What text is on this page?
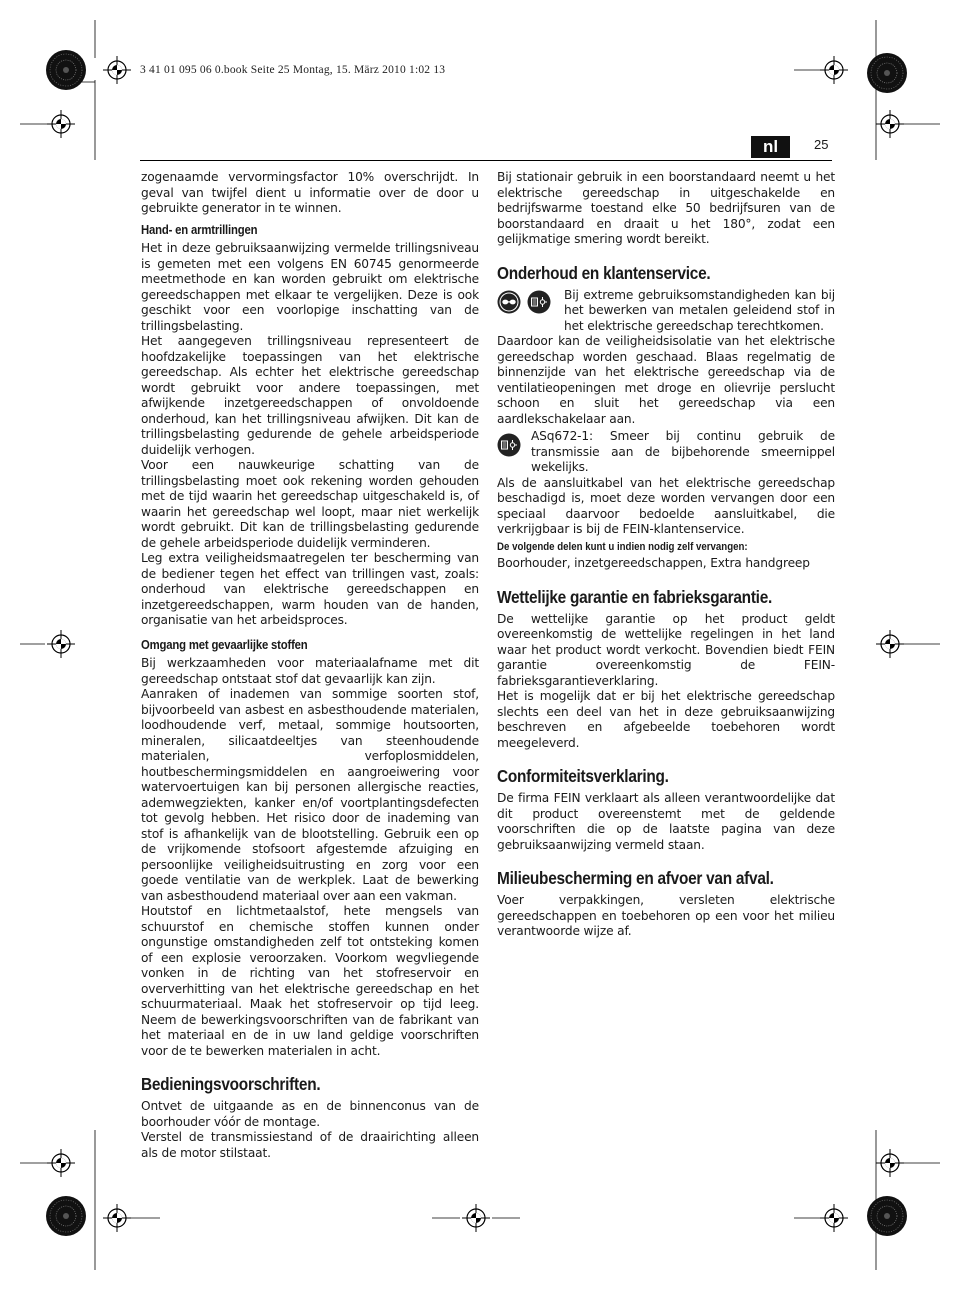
3 41 01 095 06 0.book Seite 25 Montag, 15. März 2010 1:02 13
nl	25

zogenaamde vervormingsfactor 10% overschrijdt. In geval van twijfel dient u informatie over de door u gebruikte generator in te winnen.

Hand- en armtrillingen

Het in deze gebruiksaanwijzing vermelde trillingsniveau is gemeten met een volgens EN 60745 genormeerde meetmethode en kan worden gebruikt om elektrische gereedschappen met elkaar te vergelijken. Deze is ook geschikt voor een voorlopige inschatting van de trillingsbelasting.

Het aangegeven trillingsniveau representeert de hoofdzakelijke toepassingen van het elektrische gereedschap. Als echter het elektrische gereedschap wordt gebruikt voor andere toepassingen, met afwijkende inzetgereedschappen of onvoldoende onderhoud, kan het trillingsniveau afwijken. Dit kan de trillingsbelasting gedurende de gehele arbeidsperiode duidelijk verhogen.

Voor een nauwkeurige schatting van de trillingsbelasting moet ook rekening worden gehouden met de tijd waarin het gereedschap uitgeschakeld is, of waarin het gereedschap wel loopt, maar niet werkelijk wordt gebruikt. Dit kan de trillingsbelasting gedurende de gehele arbeidsperiode duidelijk verminderen.

Leg extra veiligheidsmaatregelen ter bescherming van de bediener tegen het effect van trillingen vast, zoals: onderhoud van elektrische gereedschappen en inzetgereedschappen, warm houden van de handen, organisatie van het arbeidsproces.

Omgang met gevaarlijke stoffen

Bij werkzaamheden voor materiaalafname met dit gereedschap ontstaat stof dat gevaarlijk kan zijn.

Aanraken of inademen van sommige soorten stof, bijvoorbeeld van asbest en asbesthoudende materialen, loodhoudende verf, metaal, sommige houtsoorten, mineralen, silicaatdeeltjes van steenhoudende materialen, verfoplosmiddelen, houtbeschermingsmiddelen en aangroeiwering voor watervoertuigen kan bij personen allergische reacties, ademwegziekten, kanker en/of voortplantingsdefecten tot gevolg hebben. Het risico door de inademing van stof is afhankelijk van de blootstelling. Gebruik een op de vrijkomende stofsoort afgestemde afzuiging en persoonlijke veiligheidsuitrusting en zorg voor een goede ventilatie van de werkplek. Laat de bewerking van asbesthoudend materiaal over aan een vakman.

Houtstof en lichtmetaalstof, hete mengsels van schuurstof en chemische stoffen kunnen onder ongunstige omstandigheden zelf tot ontsteking komen of een explosie veroorzaken. Voorkom wegvliegende vonken in de richting van het stofreservoir en oververhitting van het elektrische gereedschap en het schuurmateriaal. Maak het stofreservoir op tijd leeg. Neem de bewerkingsvoorschriften van de fabrikant van het materiaal en de in uw land geldige voorschriften voor de te bewerken materialen in acht.

Bedieningsvoorschriften.

Ontvet de uitgaande as en de binnenconus van de boorhouder vóór de montage.

Verstel de transmissiestand of de draairichting alleen als de motor stilstaat.

Bij stationair gebruik in een boorstandaard neemt u het elektrische gereedschap in uitgeschakelde en bedrijfswarme toestand elke 50 bedrijfsuren van de boorstandaard en draait u het 180°, zodat een gelijkmatige smering wordt bereikt.

Onderhoud en klantenservice.

Bij extreme gebruiksomstandigheden kan bij het bewerken van metalen geleidend stof in het elektrische gereedschap terechtkomen.

Daardoor kan de veiligheidsisolatie van het elektrische gereedschap worden geschaad. Blaas regelmatig de binnenzijde van het elektrische gereedschap via de ventilatieopeningen met droge en olievrije perslucht schoon en sluit het gereedschap via een aardlekschakelaar aan.

ASq672-1: Smeer bij continu gebruik de transmissie aan de bijbehorende smeernippel wekelijks.

Als de aansluitkabel van het elektrische gereedschap beschadigd is, moet deze worden vervangen door een speciaal daarvoor bedoelde aansluitkabel, die verkrijgbaar is bij de FEIN-klantenservice.

De volgende delen kunt u indien nodig zelf vervangen:

Boorhouder, inzetgereedschappen, Extra handgreep

Wettelijke garantie en fabrieksgarantie.

De wettelijke garantie op het product geldt overeenkomstig de wettelijke regelingen in het land waar het product wordt verkocht. Bovendien biedt FEIN garantie overeenkomstig de FEIN-fabrieksgarantieverklaring.

Het is mogelijk dat er bij het elektrische gereedschap slechts een deel van het in deze gebruiksaanwijzing beschreven en afgebeelde toebehoren wordt meegeleverd.

Conformiteitsverklaring.

De firma FEIN verklaart als alleen verantwoordelijke dat dit product overeenstemt met de geldende voorschriften die op de laatste pagina van deze gebruiksaanwijzing vermeld staan.

Milieubescherming en afvoer van afval.

Voer verpakkingen, versleten elektrische gereedschappen en toebehoren op een voor het milieu verantwoorde wijze af.
